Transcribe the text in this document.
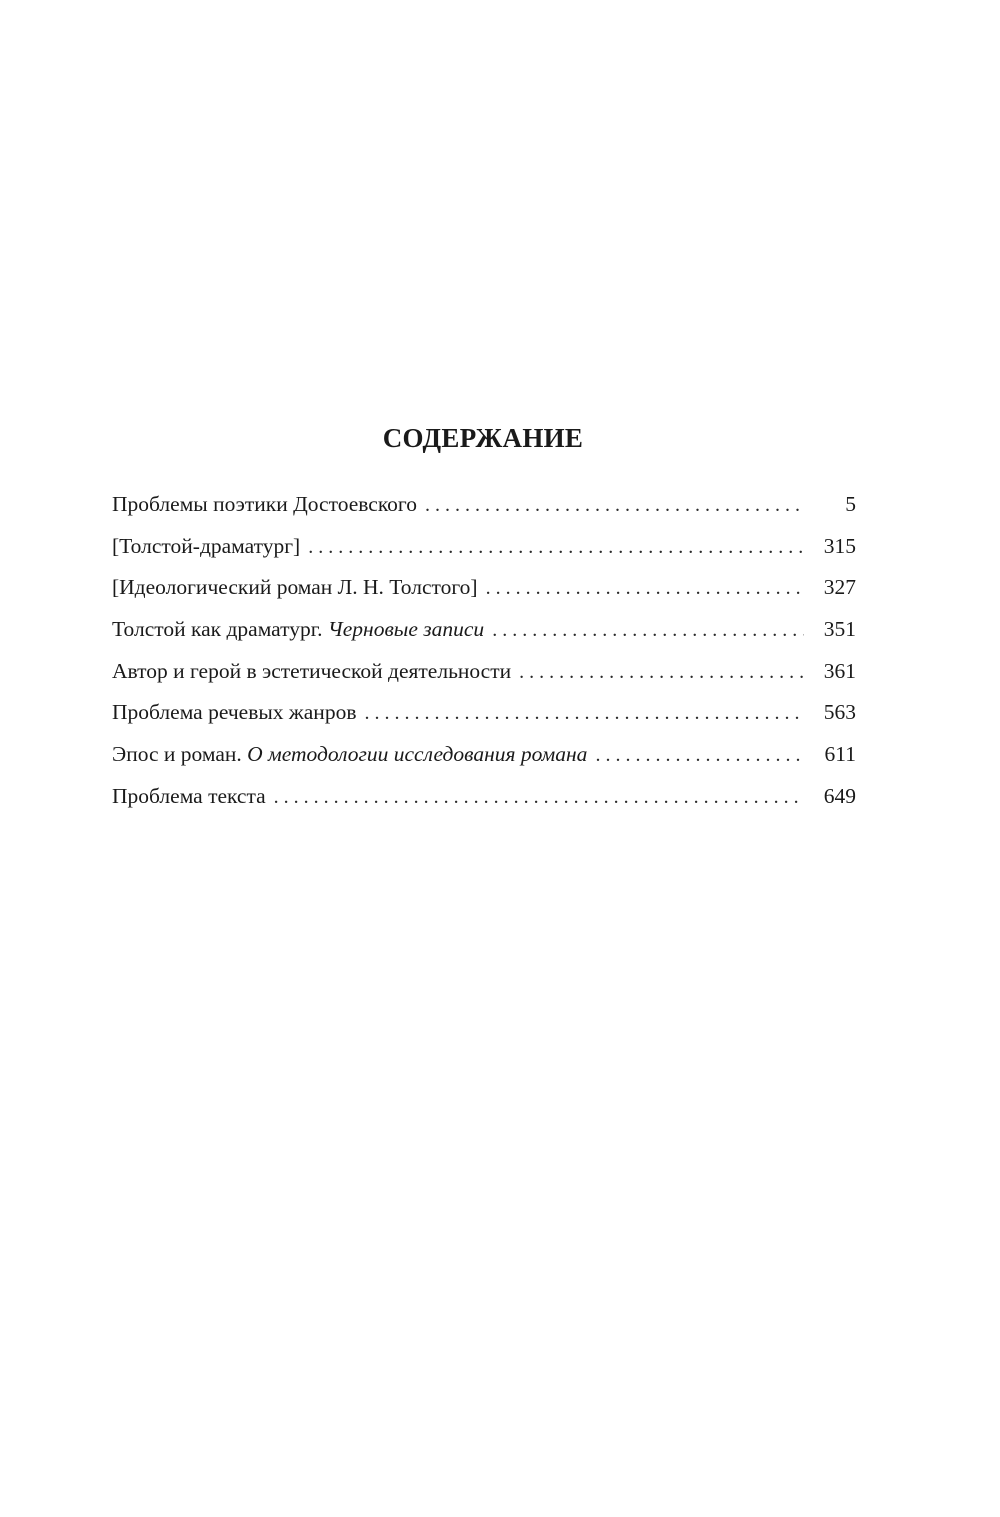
СОДЕРЖАНИЕ
Проблемы поэтики Достоевского . . .	5
[Толстой-драматург] . . .	315
[Идеологический роман Л. Н. Толстого] . . .	327
Толстой как драматург. Черновые записи . . .	351
Автор и герой в эстетической деятельности . . .	361
Проблема речевых жанров . . .	563
Эпос и роман. О методологии исследования романа . . .	611
Проблема текста . . .	649
